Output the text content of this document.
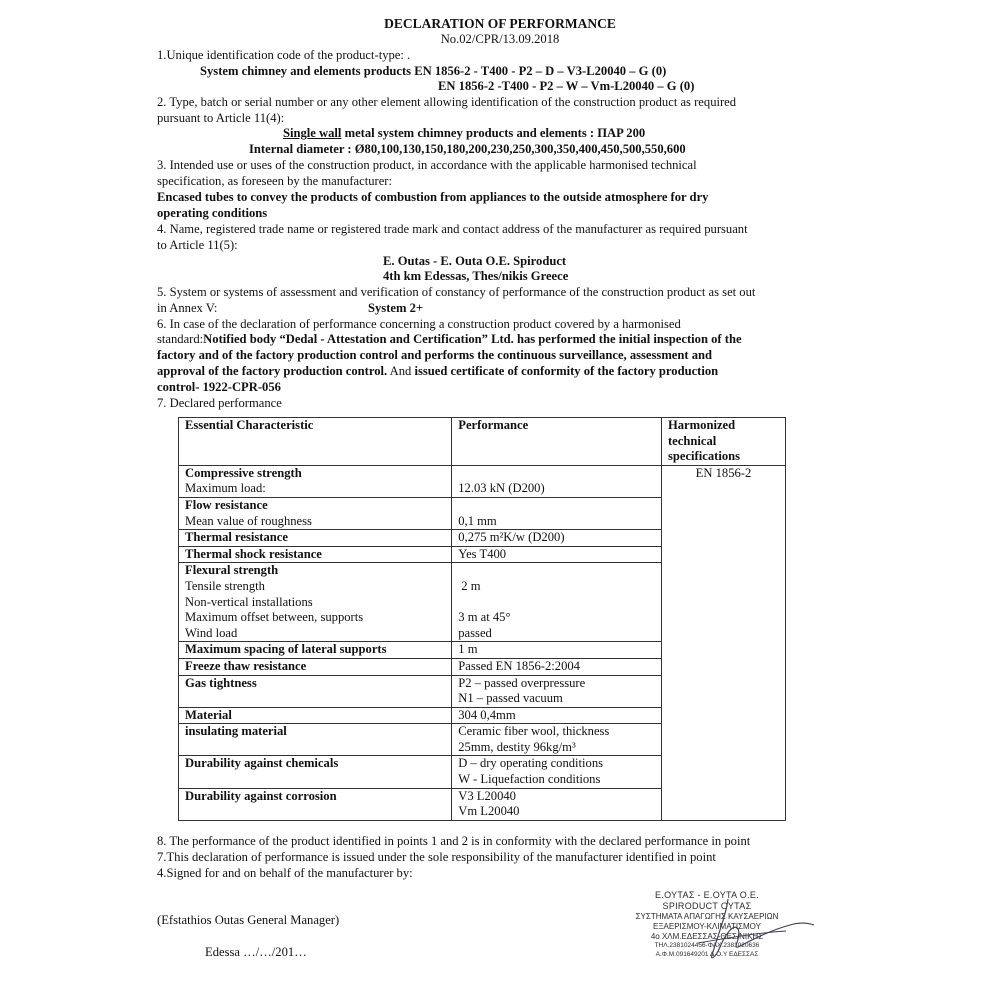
DECLARATION OF PERFORMANCE
No.02/CPR/13.09.2018
1.Unique identification code of the product-type: .
System chimney and elements products EN 1856-2 - T400 - P2 – D – V3-L20040 – G (0)
EN 1856-2 -T400 - P2 – W – Vm-L20040 – G (0)
2. Type, batch or serial number or any other element allowing identification of the construction product as required
pursuant to Article 11(4):
Single wall metal system chimney products and elements : ΠΑΡ 200
Internal diameter : Ø80,100,130,150,180,200,230,250,300,350,400,450,500,550,600
3. Intended use or uses of the construction product, in accordance with the applicable harmonised technical
specification, as foreseen by the manufacturer:
Encased tubes to convey the products of combustion from appliances to the outside atmosphere for dry
operating conditions
4. Name, registered trade name or registered trade mark and contact address of the manufacturer as required pursuant
to Article 11(5):
E. Outas - E. Outa O.E. Spiroduct
4th km Edessas, Thes/nikis Greece
5. System or systems of assessment and verification of constancy of performance of the construction product as set out
in Annex V:	System 2+
6. In case of the declaration of performance concerning a construction product covered by a harmonised
standard:Notified body “Dedal - Attestation and Certification” Ltd. has performed the initial inspection of the
factory and of the factory production control and performs the continuous surveillance, assessment and
approval of the factory production control. And issued certificate of conformity of the factory production
control- 1922-CPR-056
7. Declared performance
Essential Characteristic	Performance	Harmonized
technical
specifications

Compressive strength
Maximum load:	12.03 kN (D200)

EN 1856-2

Flow resistance
Mean value of roughness	0,1 mm

Thermal resistance	0,275 m²K/w (D200)
Thermal shock resistance	Yes T400

Flexural strength
Tensile strength
Non-vertical installations
Maximum offset between, supports
Wind load

2 m

3 m at 45°
passed

Maximum spacing of lateral supports	1 m
Freeze thaw resistance	Passed EN 1856-2:2004
Gas tightness	P2 – passed overpressure
N1 – passed vacuum

Material	304 0,4mm
insulating material	Ceramic fiber wool, thickness
25mm, destity 96kg/m³

Durability against chemicals	D – dry operating conditions
W - Liquefaction conditions

Durability against corrosion	V3 L20040
Vm L20040
8. The performance of the product identified in points 1 and 2 is in conformity with the declared performance in point
7.This declaration of performance is issued under the sole responsibility of the manufacturer identified in point
4.Signed for and on behalf of the manufacturer by:
(Efstathios Outas General Manager)
Edessa …/…/201…
Ε.ΟΥΤΑΣ - Ε.ΟΥΤΑ Ο.Ε.
SPIRODUCT ΟΥΤΑΣ
ΣΥΣΤΗΜΑΤΑ ΑΠΑΓΩΓΗΣ ΚΑΥΣΑΕΡΙΩΝ
ΕΞΑΕΡΙΣΜΟΥ-ΚΛΙΜΑΤΙΣΜΟΥ
4ο ΧΛΜ.ΕΔΕΣΣΑΣ-ΘΕΣ/ΝΙΚΗΣ
ΤΗΛ.2381024456-ΦΑΧ.2381020636
Α.Φ.Μ.091649201 Δ.Ο.Υ ΕΔΕΣΣΑΣ
